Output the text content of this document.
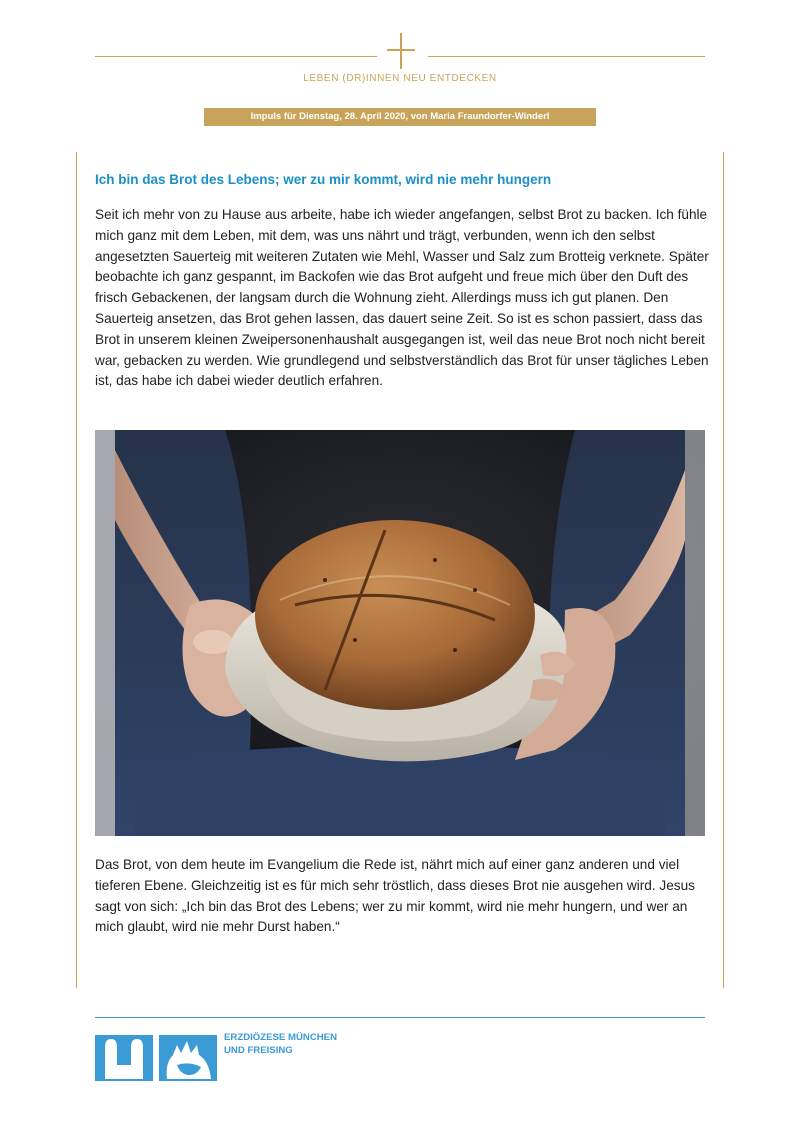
LEBEN (DR)INNEN NEU ENTDECKEN
Impuls für Dienstag, 28. April 2020, von Maria Fraundorfer-Winderl
Ich bin das Brot des Lebens; wer zu mir kommt, wird nie mehr hungern

Seit ich mehr von zu Hause aus arbeite, habe ich wieder angefangen, selbst Brot zu backen. Ich fühle mich ganz mit dem Leben, mit dem, was uns nährt und trägt, verbunden, wenn ich den selbst angesetzten Sauerteig mit weiteren Zutaten wie Mehl, Wasser und Salz zum Brotteig verknete. Später beobachte ich ganz gespannt, im Backofen wie das Brot aufgeht und freue mich über den Duft des frisch Gebackenen, der langsam durch die Wohnung zieht. Allerdings muss ich gut planen. Den Sauerteig ansetzen, das Brot gehen lassen, das dauert seine Zeit. So ist es schon passiert, dass das Brot in unserem kleinen Zweipersonenhaushalt ausgegangen ist, weil das neue Brot noch nicht bereit war, gebacken zu werden. Wie grundlegend und selbstverständlich das Brot für unser tägliches Leben ist, das habe ich dabei wieder deutlich erfahren.

Das Brot, von dem heute im Evangelium die Rede ist, nährt mich auf einer ganz anderen und viel tieferen Ebene. Gleichzeitig ist es für mich sehr tröstlich, dass dieses Brot nie ausgehen wird. Jesus sagt von sich: „Ich bin das Brot des Lebens; wer zu mir kommt, wird nie mehr hungern, und wer an mich glaubt, wird nie mehr Durst haben.“

ERZDIÖZESE MÜNCHEN
UND FREISING
